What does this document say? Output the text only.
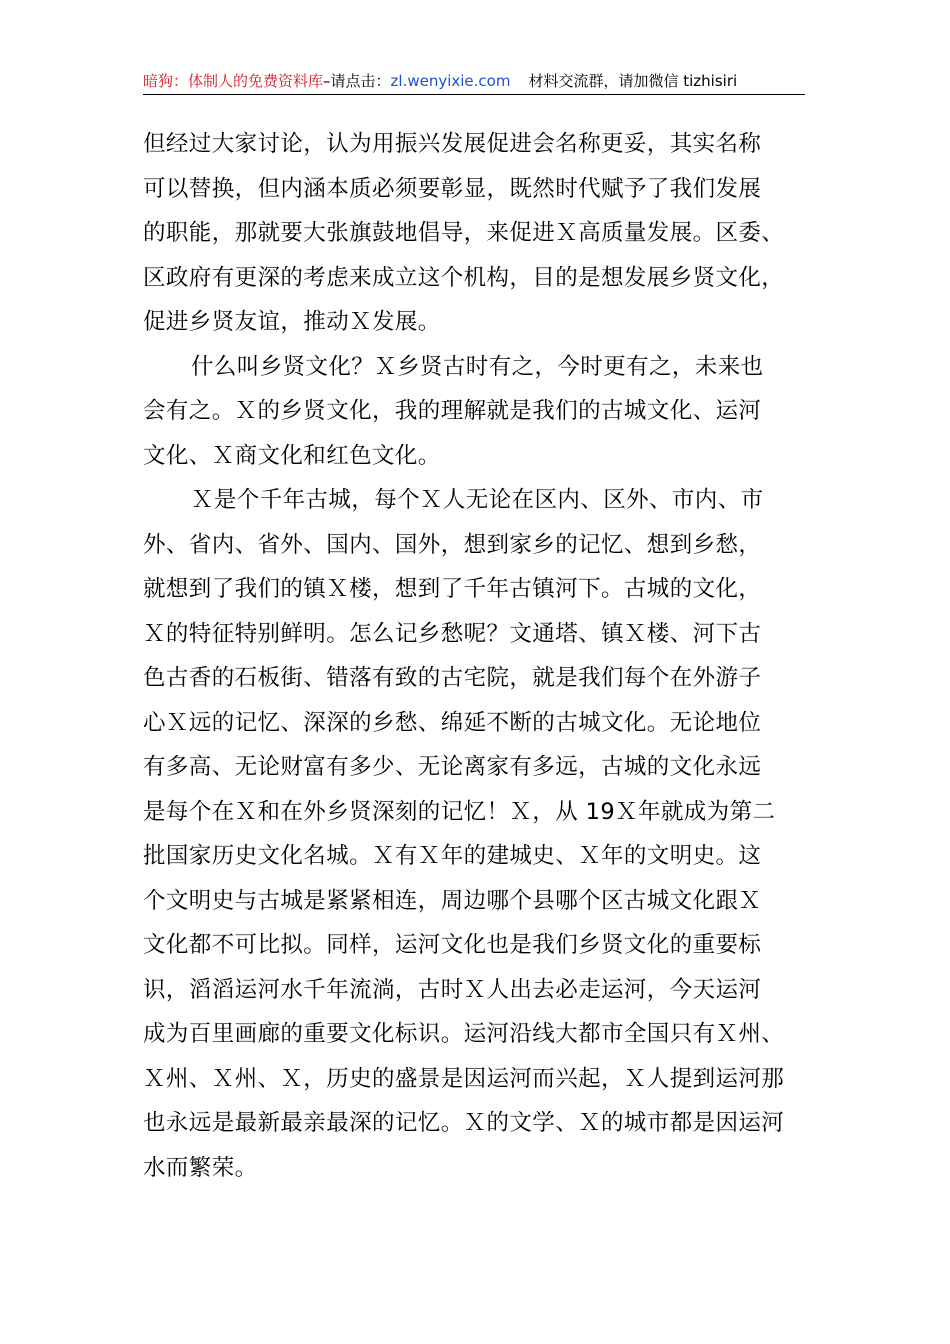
暗狗：体制人的免费资料库–请点击：zl.wenyixie.com 材料交流群，请加微信 tizhisiri
但经过大家讨论，认为用振兴发展促进会名称更妥，其实名称
可以替换，但内涵本质必须要彰显，既然时代赋予了我们发展
的职能，那就要大张旗鼓地倡导，来促进Ｘ高质量发展。区委、
区政府有更深的考虑来成立这个机构，目的是想发展乡贤文化，
促进乡贤友谊，推动Ｘ发展。
什么叫乡贤文化？Ｘ乡贤古时有之，今时更有之，未来也
会有之。Ｘ的乡贤文化，我的理解就是我们的古城文化、运河
文化、Ｘ商文化和红色文化。
Ｘ是个千年古城，每个Ｘ人无论在区内、区外、市内、市
外、省内、省外、国内、国外，想到家乡的记忆、想到乡愁，
就想到了我们的镇Ｘ楼，想到了千年古镇河下。古城的文化，
Ｘ的特征特别鲜明。怎么记乡愁呢？文通塔、镇Ｘ楼、河下古
色古香的石板街、错落有致的古宅院，就是我们每个在外游子
心Ｘ远的记忆、深深的乡愁、绵延不断的古城文化。无论地位
有多高、无论财富有多少、无论离家有多远，古城的文化永远
是每个在Ｘ和在外乡贤深刻的记忆！Ｘ，从 19Ｘ年就成为第二
批国家历史文化名城。Ｘ有Ｘ年的建城史、Ｘ年的文明史。这
个文明史与古城是紧紧相连，周边哪个县哪个区古城文化跟Ｘ
文化都不可比拟。同样，运河文化也是我们乡贤文化的重要标
识，滔滔运河水千年流淌，古时Ｘ人出去必走运河，今天运河
成为百里画廊的重要文化标识。运河沿线大都市全国只有Ｘ州、
Ｘ州、Ｘ州、Ｘ，历史的盛景是因运河而兴起，Ｘ人提到运河那
也永远是最新最亲最深的记忆。Ｘ的文学、Ｘ的城市都是因运河
水而繁荣。
